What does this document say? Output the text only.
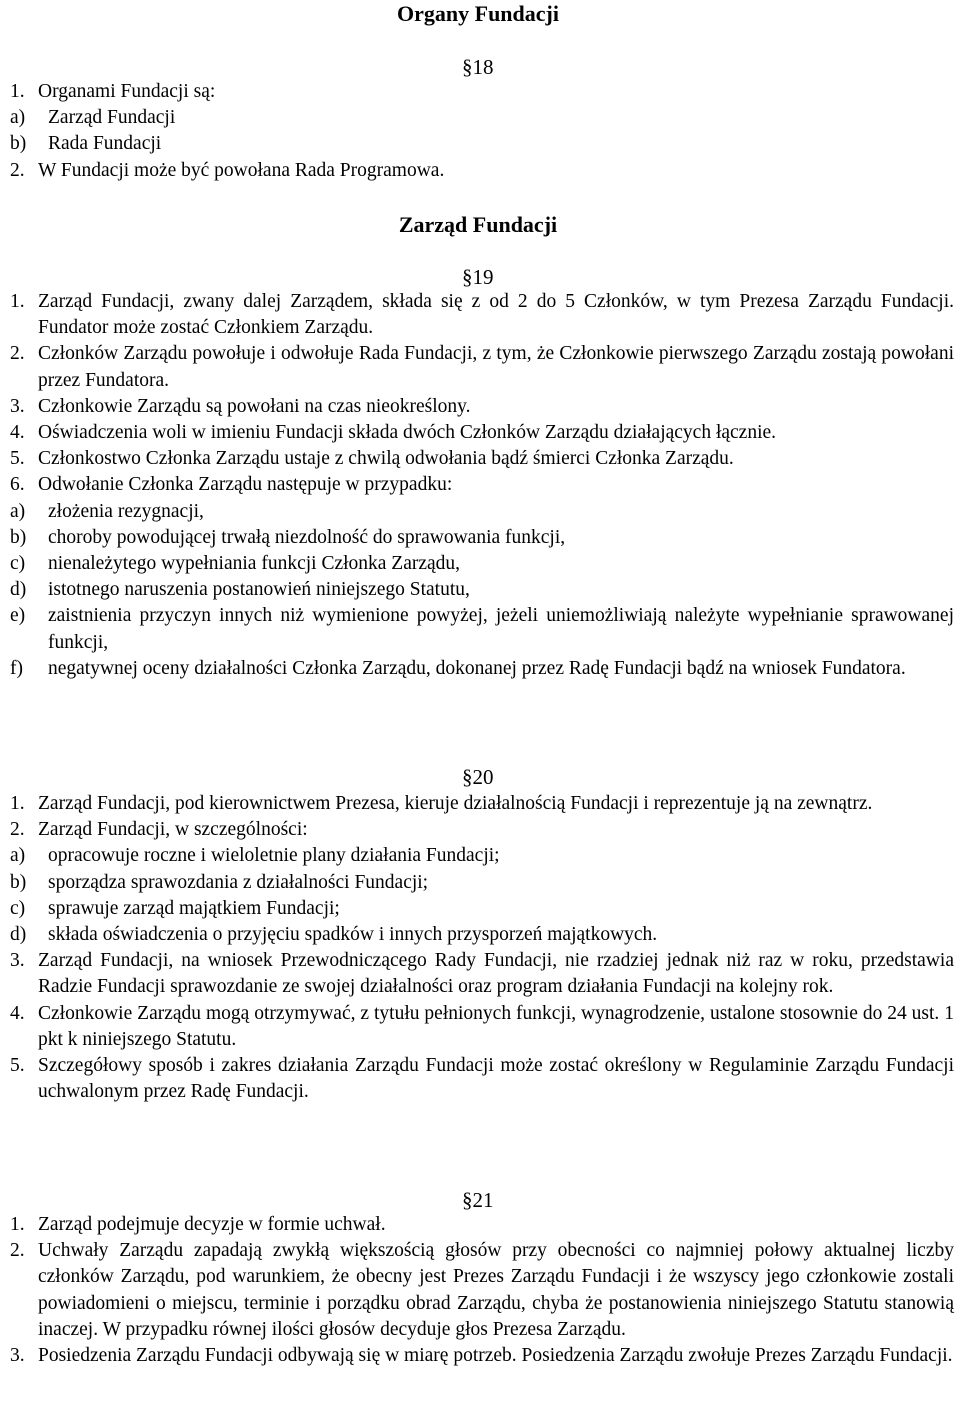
Organy Fundacji
§18
1. Organami Fundacji są:
a)	Zarząd Fundacji
b)	Rada Fundacji
2. W Fundacji może być powołana Rada Programowa.
Zarząd Fundacji
§19
1. Zarząd Fundacji, zwany dalej Zarządem, składa się z od 2 do 5 Członków, w tym Prezesa Zarządu Fundacji. Fundator może zostać Członkiem Zarządu.
2. Członków Zarządu powołuje i odwołuje Rada Fundacji, z tym, że Członkowie pierwszego Zarządu zostają powołani przez Fundatora.
3. Członkowie Zarządu są powołani na czas nieokreślony.
4. Oświadczenia woli w imieniu Fundacji składa dwóch Członków Zarządu działających łącznie.
5. Członkostwo Członka Zarządu ustaje z chwilą odwołania bądź śmierci Członka Zarządu.
6. Odwołanie Członka Zarządu następuje w przypadku:
a)	złożenia rezygnacji,
b)	choroby powodującej trwałą niezdolność do sprawowania funkcji,
c)	nienależytego wypełniania funkcji Członka Zarządu,
d)	istotnego naruszenia postanowień niniejszego Statutu,
e)	zaistnienia przyczyn innych niż wymienione powyżej, jeżeli uniemożliwiają należyte wypełnianie sprawowanej funkcji,
f)	negatywnej oceny działalności Członka Zarządu, dokonanej przez Radę Fundacji bądź na wniosek Fundatora.
§20
1. Zarząd Fundacji, pod kierownictwem Prezesa, kieruje działalnością Fundacji i reprezentuje ją na zewnątrz.
2. Zarząd Fundacji, w szczególności:
a)	opracowuje roczne i wieloletnie plany działania Fundacji;
b)	sporządza sprawozdania z działalności Fundacji;
c)	sprawuje zarząd majątkiem Fundacji;
d)	składa oświadczenia o przyjęciu spadków i innych przysporzeń majątkowych.
3. Zarząd Fundacji, na wniosek Przewodniczącego Rady Fundacji, nie rzadziej jednak niż raz w roku, przedstawia Radzie Fundacji sprawozdanie ze swojej działalności oraz program działania Fundacji na kolejny rok.
4. Członkowie Zarządu mogą otrzymywać, z tytułu pełnionych funkcji, wynagrodzenie, ustalone stosownie do 24 ust. 1 pkt k niniejszego Statutu.
5. Szczegółowy sposób i zakres działania Zarządu Fundacji może zostać określony w Regulaminie Zarządu Fundacji uchwalonym przez Radę Fundacji.
§21
1. Zarząd podejmuje decyzje w formie uchwał.
2. Uchwały Zarządu zapadają zwykłą większością głosów przy obecności co najmniej połowy aktualnej liczby członków Zarządu, pod warunkiem, że obecny jest Prezes Zarządu Fundacji i że wszyscy jego członkowie zostali powiadomieni o miejscu, terminie i porządku obrad Zarządu, chyba że postanowienia niniejszego Statutu stanowią inaczej. W przypadku równej ilości głosów decyduje głos Prezesa Zarządu.
3. Posiedzenia Zarządu Fundacji odbywają się w miarę potrzeb. Posiedzenia Zarządu zwołuje Prezes Zarządu Fundacji.
